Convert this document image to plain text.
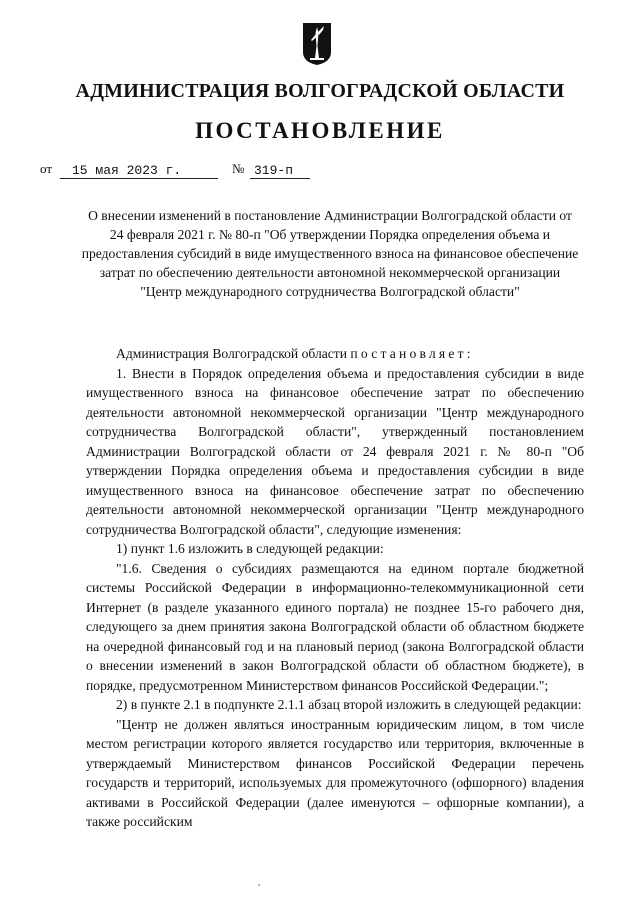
АДМИНИСТРАЦИЯ ВОЛГОГРАДСКОЙ ОБЛАСТИ
ПОСТАНОВЛЕНИЕ
от 15 мая 2023 г.	№ 319-п
О внесении изменений в постановление Администрации Волгоградской области от 24 февраля 2021 г. № 80-п "Об утверждении Порядка определения объема и предоставления субсидий в виде имущественного взноса на финансовое обеспечение затрат по обеспечению деятельности автономной некоммерческой организации "Центр международного сотрудничества Волгоградской области"

Администрация Волгоградской области постановляет:

1. Внести в Порядок определения объема и предоставления субсидии в виде имущественного взноса на финансовое обеспечение затрат по обеспечению деятельности автономной некоммерческой организации "Центр международного сотрудничества Волгоградской области", утвержденный постановлением Администрации Волгоградской области от 24 февраля 2021 г. № 80-п "Об утверждении Порядка определения объема и предоставления субсидии в виде имущественного взноса на финансовое обеспечение затрат по обеспечению деятельности автономной некоммерческой организации "Центр международного сотрудничества Волгоградской области", следующие изменения:

1) пункт 1.6 изложить в следующей редакции:

"1.6. Сведения о субсидиях размещаются на едином портале бюджетной системы Российской Федерации в информационно-телекоммуникационной сети Интернет (в разделе указанного единого портала) не позднее 15-го рабочего дня, следующего за днем принятия закона Волгоградской области об областном бюджете на очередной финансовый год и на плановый период (закона Волгоградской области о внесении изменений в закон Волгоградской области об областном бюджете), в порядке, предусмотренном Министерством финансов Российской Федерации.";

2) в пункте 2.1 в подпункте 2.1.1 абзац второй изложить в следующей редакции:

"Центр не должен являться иностранным юридическим лицом, в том числе местом регистрации которого является государство или территория, включенные в утверждаемый Министерством финансов Российской Федерации перечень государств и территорий, используемых для промежуточного (офшорного) владения активами в Российской Федерации (далее именуются – офшорные компании), а также российским
